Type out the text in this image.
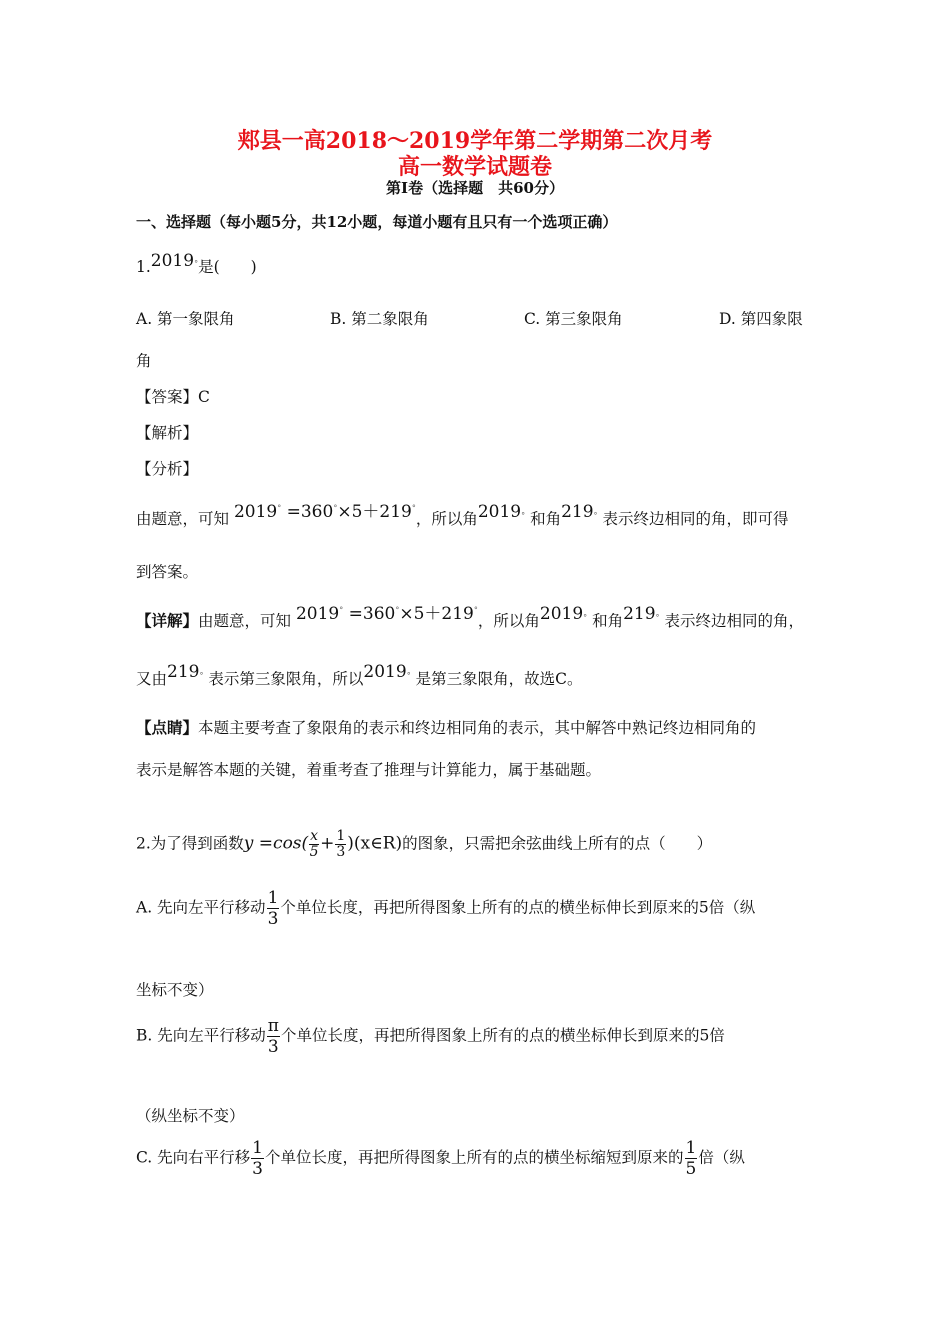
郏县一高2018～2019学年第二学期第二次月考
高一数学试题卷
第Ⅰ卷（选择题　共60分）
一、选择题（每小题5分，共12小题，每道小题有且只有一个选项正确）
1.2019°是(　　)
A. 第一象限角	B. 第二象限角	C. 第三象限角	D. 第四象限
角
【答案】C
【解析】
【分析】
由题意，可知 2019° =360°×5＋219°，所以角2019° 和角219° 表示终边相同的角，即可得
到答案。
【详解】由题意，可知 2019° =360°×5＋219°，所以角2019° 和角219° 表示终边相同的角，
又由219° 表示第三象限角，所以2019° 是第三象限角，故选C。
【点睛】本题主要考查了象限角的表示和终边相同角的表示，其中解答中熟记终边相同角的
表示是解答本题的关键，着重考查了推理与计算能力，属于基础题。
2.为了得到函数$y =\cos( \frac{x}{5} + \frac{1}{3}$ )(x∈R)的图象，只需把余弦曲线上所有的点（　　）
A. 先向左平行移动 $\frac{1}{3}$ 个单位长度，再把所得图象上所有的点的横坐标伸长到原来的5倍（纵
坐标不变）
B. 先向左平行移动 $\frac{\pi}{3}$ 个单位长度，再把所得图象上所有的点的横坐标伸长到原来的5倍
（纵坐标不变）
C. 先向右平行移 $\frac{1}{3}$ 个单位长度，再把所得图象上所有的点的横坐标缩短到原来的 $\frac{1}{5}$ 倍（纵
